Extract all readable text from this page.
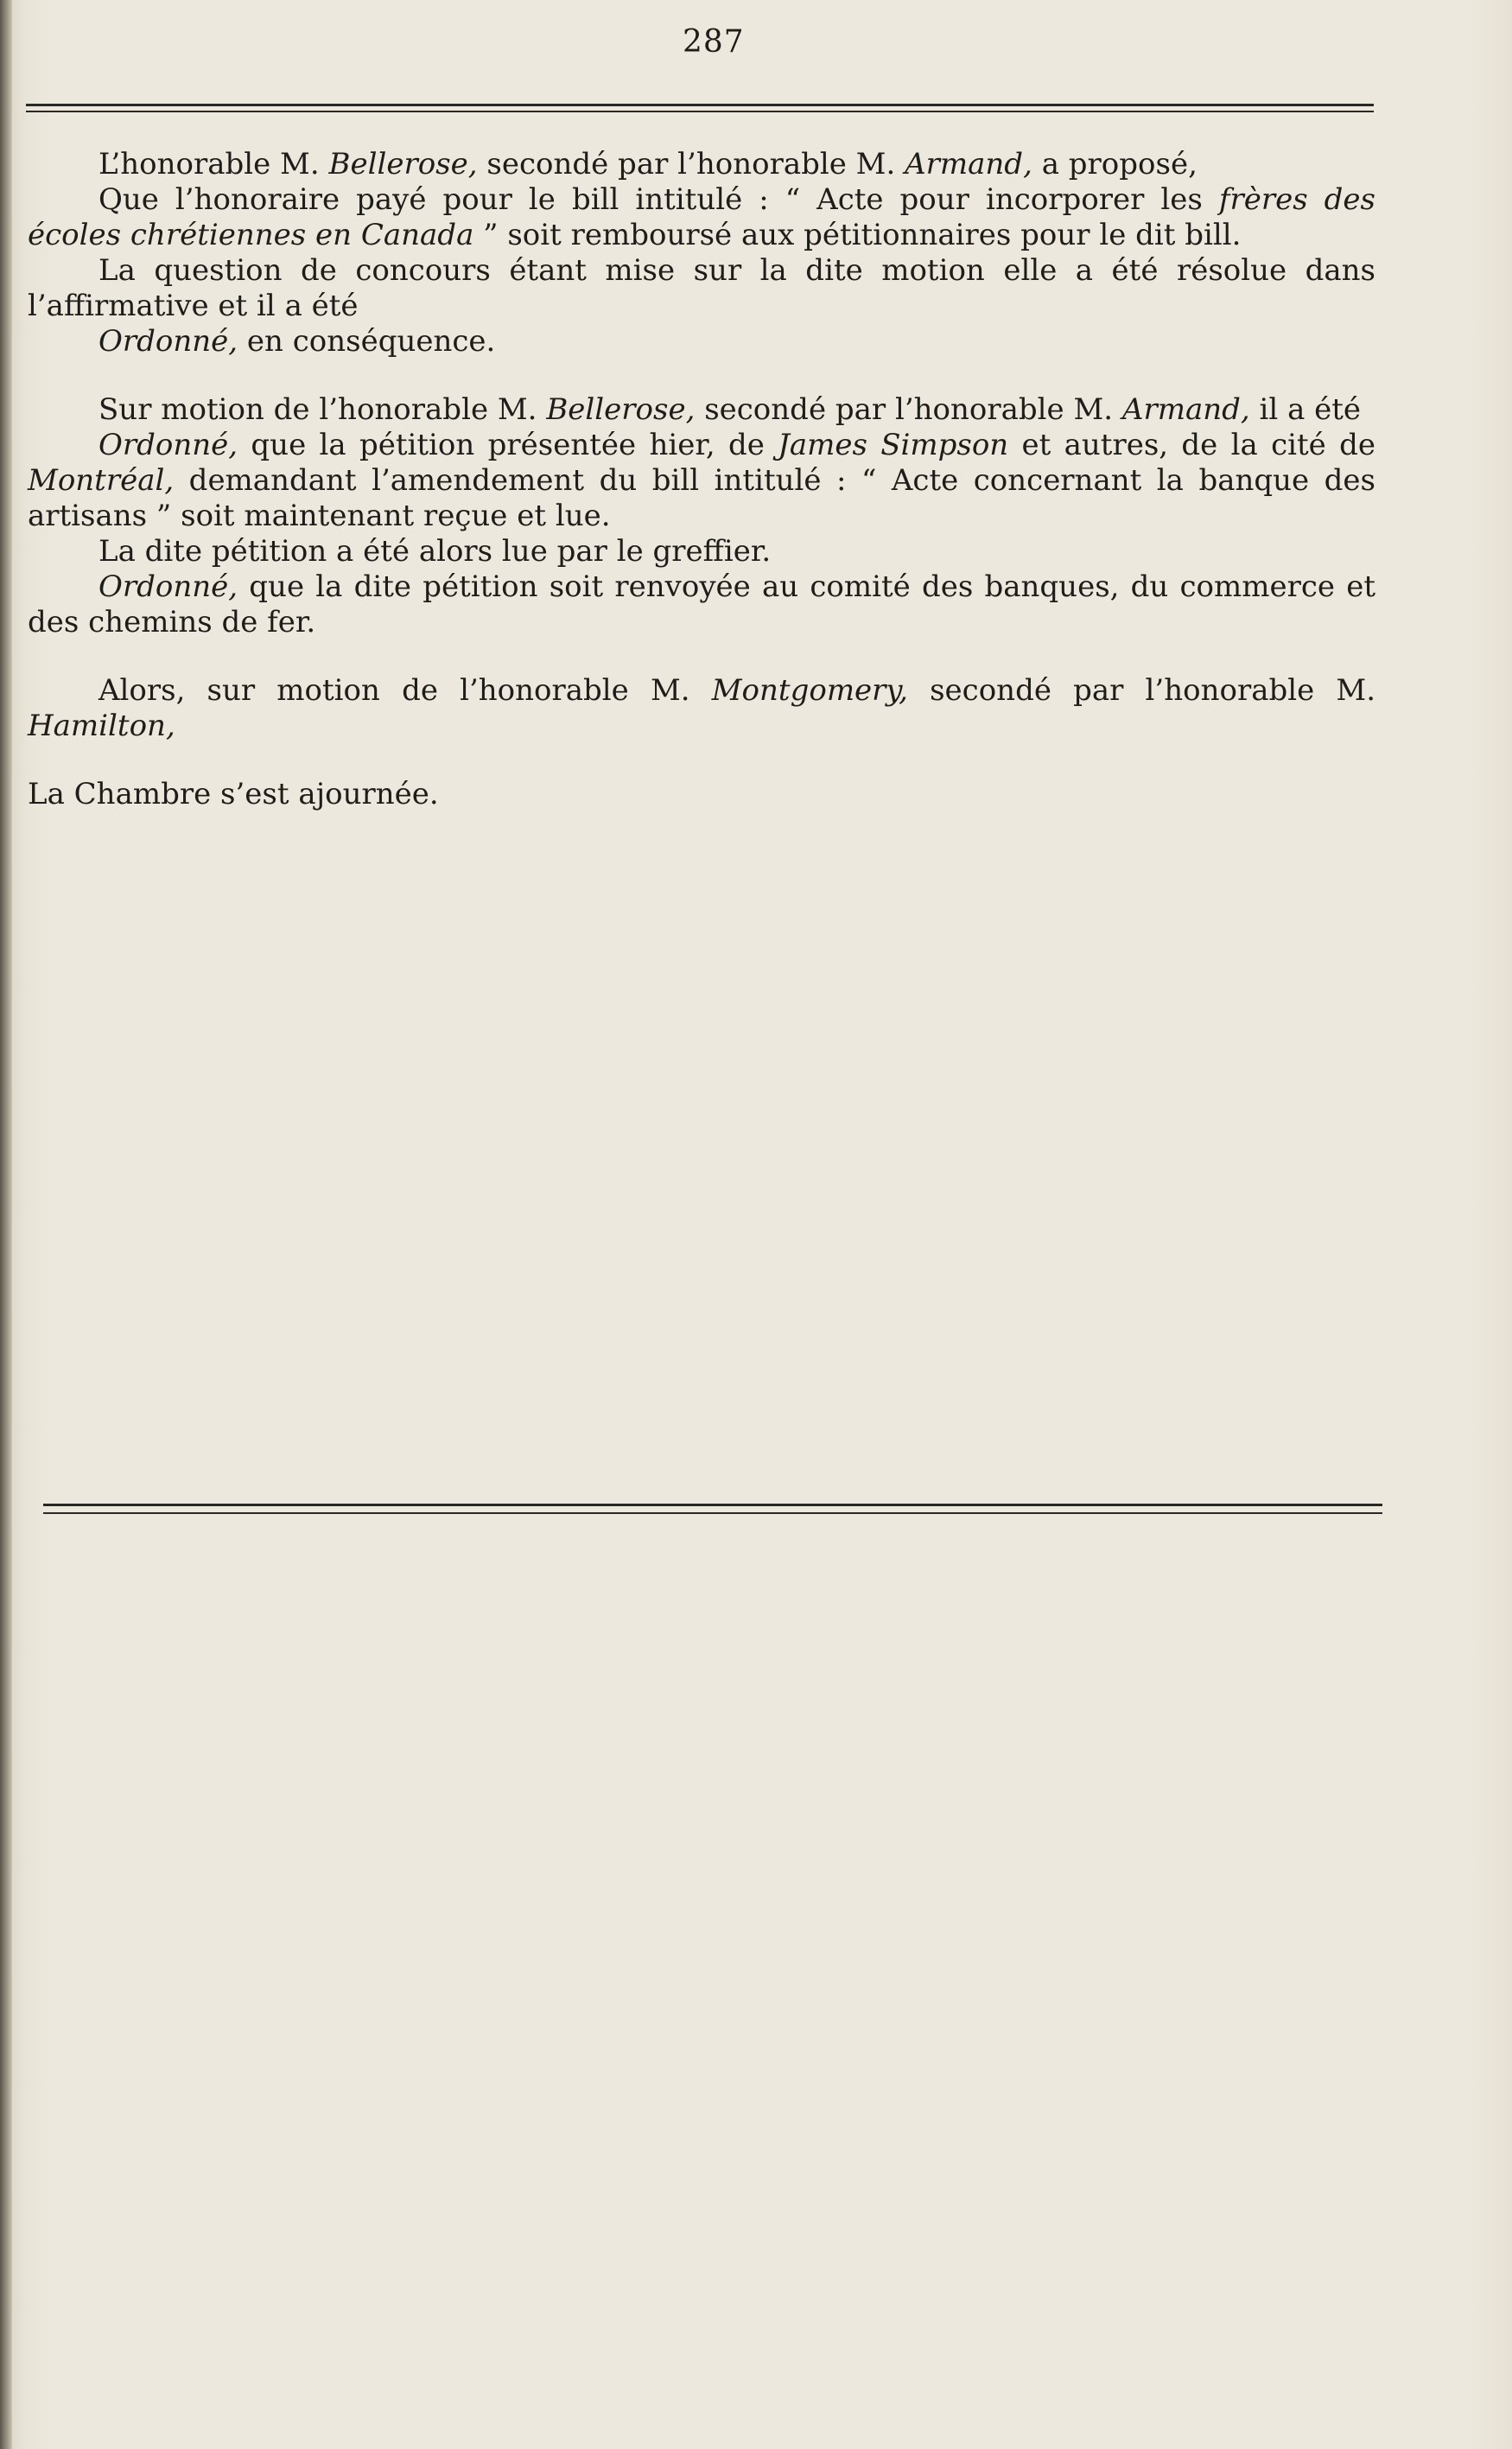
287

L’honorable M. Bellerose, secondé par l’honorable M. Armand, a proposé,

Que l’honoraire payé pour le bill intitulé : “ Acte pour incorporer les frères des écoles chrétiennes en Canada ” soit remboursé aux pétitionnaires pour le dit bill.

La question de concours étant mise sur la dite motion elle a été résolue dans l’affirmative et il a été

Ordonné, en conséquence.

Sur motion de l’honorable M. Bellerose, secondé par l’honorable M. Armand, il a été

Ordonné, que la pétition présentée hier, de James Simpson et autres, de la cité de Montréal, demandant l’amendement du bill intitulé : “ Acte concernant la banque des artisans ” soit maintenant reçue et lue.

La dite pétition a été alors lue par le greffier.

Ordonné, que la dite pétition soit renvoyée au comité des banques, du commerce et des chemins de fer.

Alors, sur motion de l’honorable M. Montgomery, secondé par l’honorable M. Hamilton,

La Chambre s’est ajournée.
